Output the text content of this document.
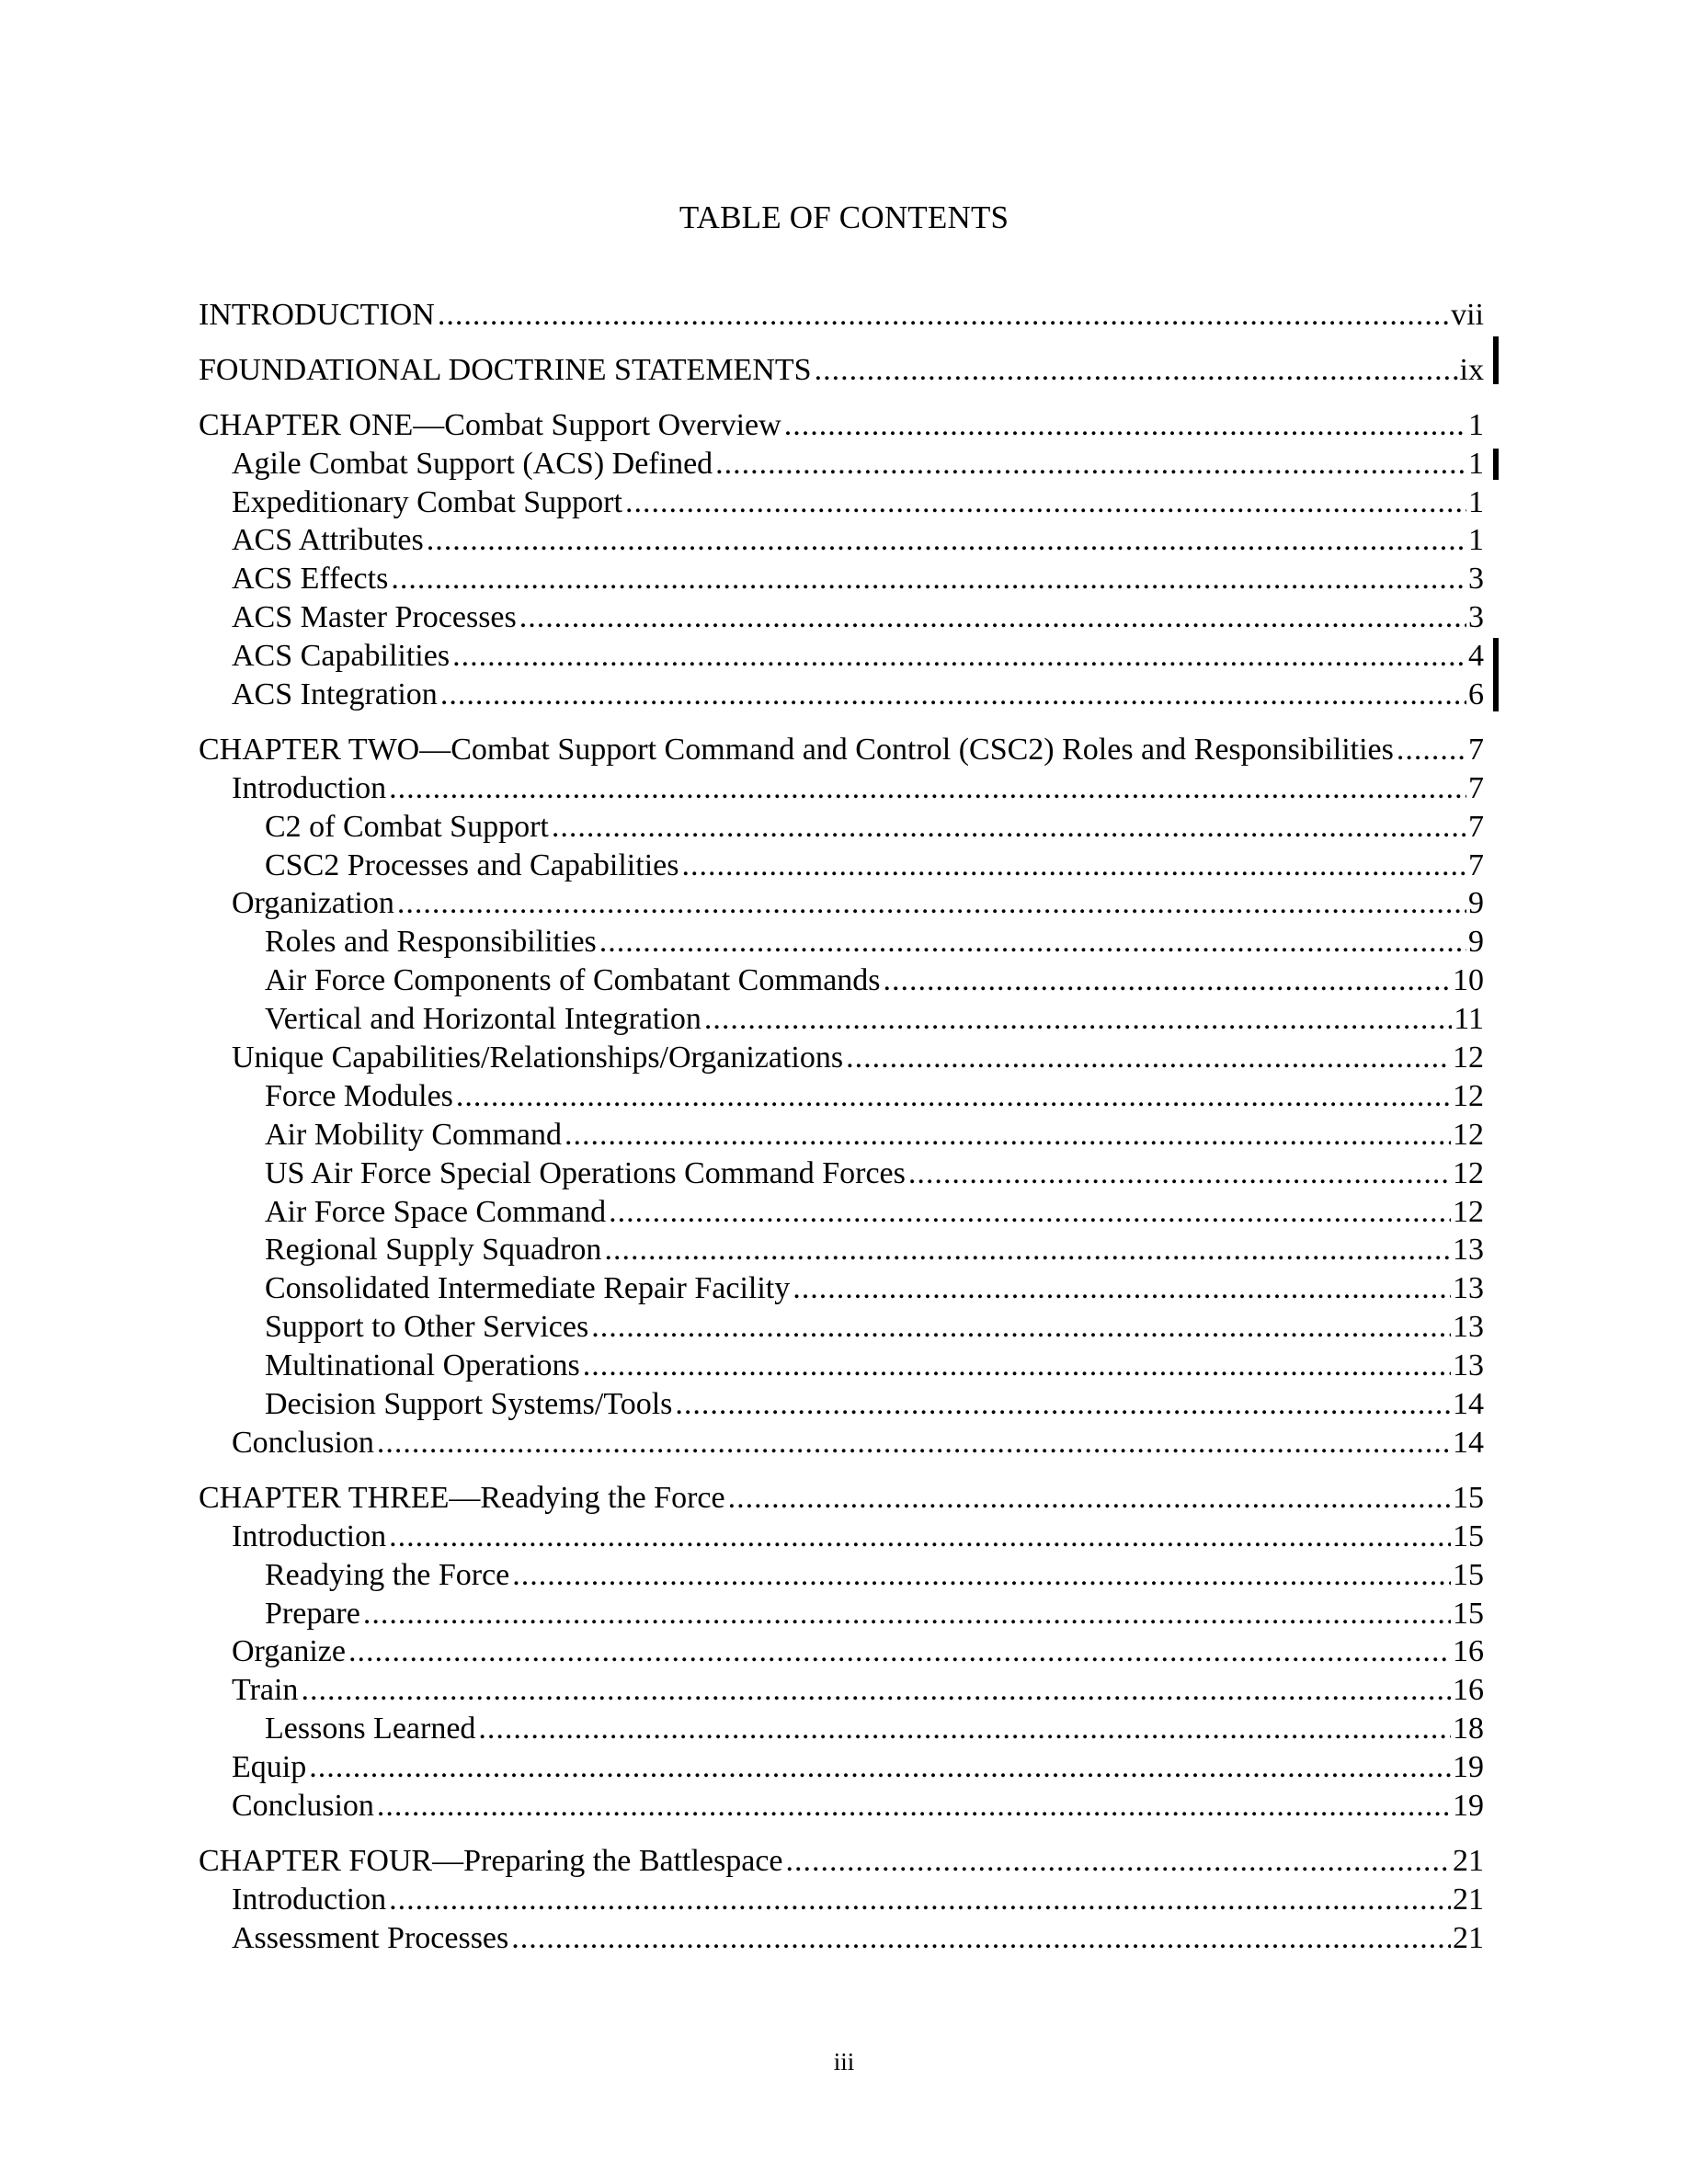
TABLE OF CONTENTS
INTRODUCTION .....	vii
FOUNDATIONAL DOCTRINE STATEMENTS .....	ix
CHAPTER ONE—Combat Support Overview .....	1
Agile Combat Support (ACS) Defined .....	1
Expeditionary Combat Support .....	1
ACS Attributes .....	1
ACS Effects .....	3
ACS Master Processes .....	3
ACS Capabilities .....	4
ACS Integration .....	6
CHAPTER TWO—Combat Support Command and Control (CSC2) Roles and Responsibilities ..... 7
Introduction .....	7
C2 of Combat Support .....	7
CSC2 Processes and Capabilities .....	7
Organization .....	9
Roles and Responsibilities .....	9
Air Force Components of Combatant Commands .....	10
Vertical and Horizontal Integration .....	11
Unique Capabilities/Relationships/Organizations .....	12
Force Modules .....	12
Air Mobility Command .....	12
US Air Force Special Operations Command Forces .....	12
Air Force Space Command .....	12
Regional Supply Squadron .....	13
Consolidated Intermediate Repair Facility .....	13
Support to Other Services .....	13
Multinational Operations .....	13
Decision Support Systems/Tools .....	14
Conclusion .....	14
CHAPTER THREE—Readying the Force .....	15
Introduction .....	15
Readying the Force .....	15
Prepare .....	15
Organize .....	16
Train .....	16
Lessons Learned .....	18
Equip .....	19
Conclusion .....	19
CHAPTER FOUR—Preparing the Battlespace .....	21
Introduction .....	21
Assessment Processes .....	21
iii
